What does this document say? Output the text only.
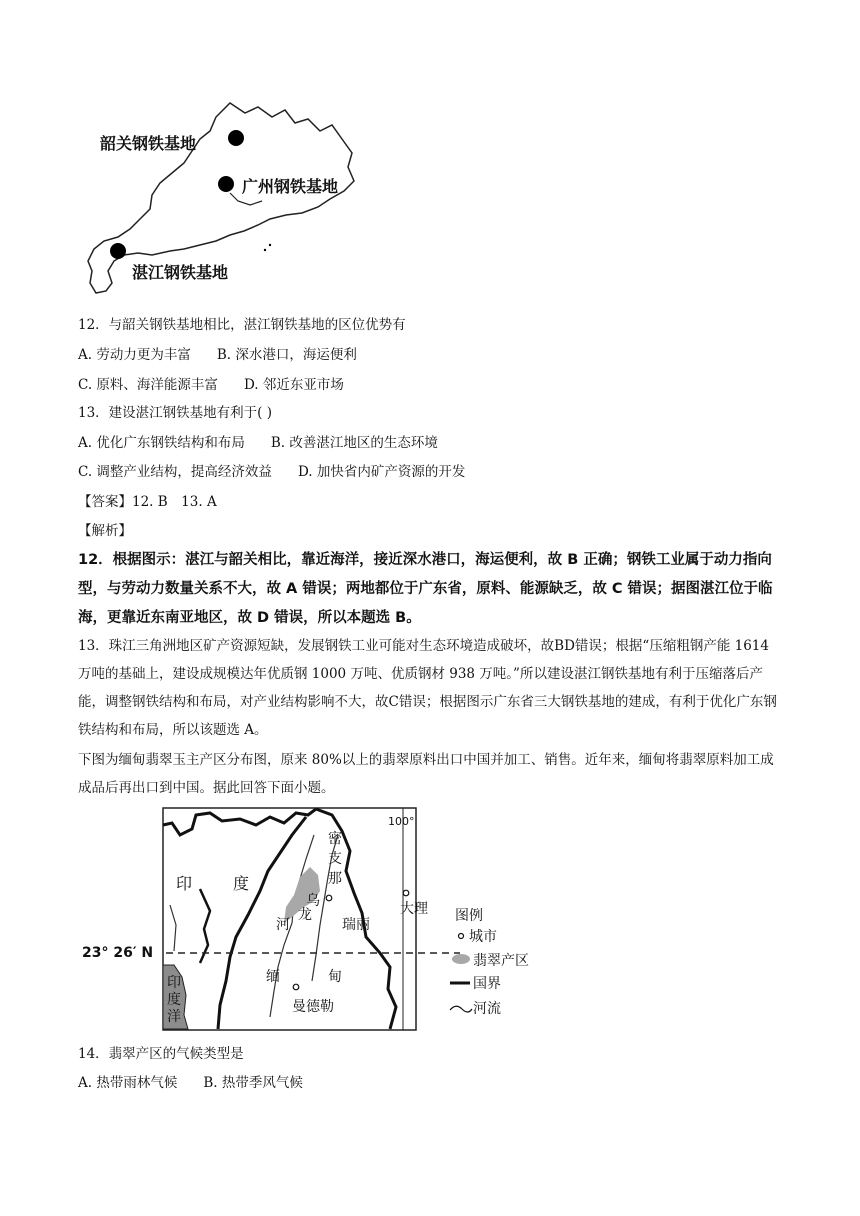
韶关钢铁基地
广州钢铁基地
湛江钢铁基地
12．与韶关钢铁基地相比，湛江钢铁基地的区位优势有
A. 劳动力更为丰富 B. 深水港口，海运便利
C. 原料、海洋能源丰富 D. 邻近东亚市场
13．建设湛江钢铁基地有利于( )
A. 优化广东钢铁结构和布局 B. 改善湛江地区的生态环境
C. 调整产业结构，提高经济效益 D. 加快省内矿产资源的开发
【答案】12. B　13. A
【解析】
12．根据图示：湛江与韶关相比，靠近海洋，接近深水港口，海运便利，故 B 正确；钢铁工业属于动力指向型，与劳动力数量关系不大，故 A 错误；两地都位于广东省，原料、能源缺乏，故 C 错误；据图湛江位于临海，更靠近东南亚地区，故 D 错误，所以本题选 B。
13．珠江三角洲地区矿产资源短缺，发展钢铁工业可能对生态环境造成破坏，故BD错误；根据“压缩粗钢产能 1614 万吨的基础上，建设成规模达年优质钢 1000 万吨、优质钢材 938 万吨。”所以建设湛江钢铁基地有利于压缩落后产能，调整钢铁结构和布局，对产业结构影响不大，故C错误；根据图示广东省三大钢铁基地的建成，有利于优化广东钢铁结构和布局，所以该题选 A。
下图为缅甸翡翠玉主产区分布图，原来 80%以上的翡翠原料出口中国并加工、销售。近年来，缅甸将翡翠原料加工成成品后再出口到中国。据此回答下面小题。
100°
23° 26′ N
印	度
印
度
洋
密
支
那
乌
龙
河	瑞丽
大理
缅	甸
曼德勒
图例
城市
翡翠产区
国界
河流
14．翡翠产区的气候类型是
A. 热带雨林气候 B. 热带季风气候
